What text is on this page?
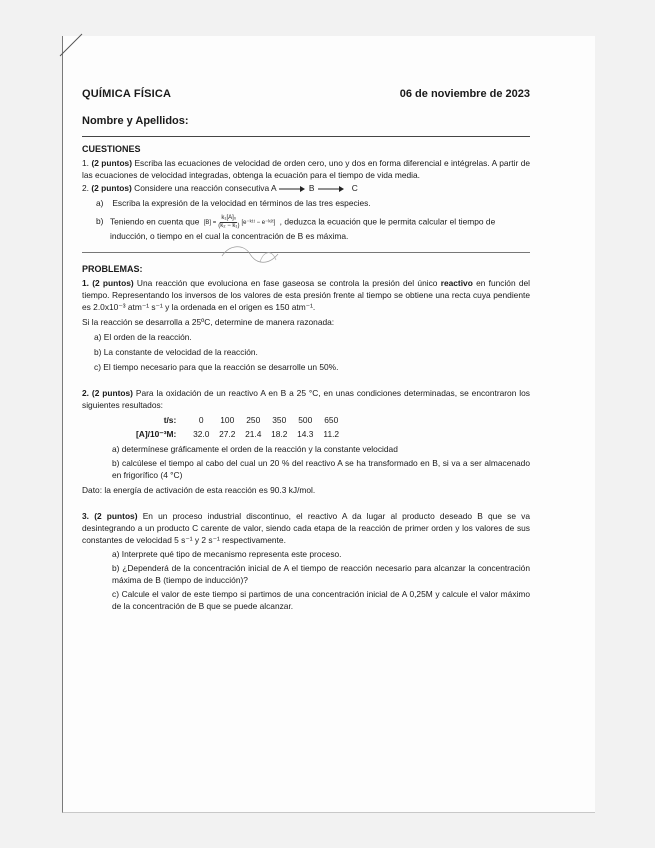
QUÍMICA FÍSICA	06 de noviembre de 2023
Nombre y Apellidos:
CUESTIONES

1. (2 puntos) Escriba las ecuaciones de velocidad de orden cero, uno y dos en forma diferencial e intégrelas. A partir de las ecuaciones de velocidad integradas, obtenga la ecuación para el tiempo de vida media.

2. (2 puntos) Considere una reacción consecutiva A → B → C

a) Escriba la expresión de la velocidad en términos de las tres especies.
b) Teniendo en cuenta que $[B] = \frac{\text{k₁[A]₀}}{\text{(k₂ − k₁)}}$ [e⁻ᵏ¹ᵗ − e⁻ᵏ²ᵗ] , deduzca la ecuación que le permita calcular el tiempo de inducción, o tiempo en el cual la concentración de B es máxima.
PROBLEMAS:

1. (2 puntos) Una reacción que evoluciona en fase gaseosa se controla la presión del único reactivo en función del tiempo. Representando los inversos de los valores de esta presión frente al tiempo se obtiene una recta cuya pendiente es 2.0x10⁻³ atm⁻¹ s⁻¹ y la ordenada en el origen es 150 atm⁻¹.

Si la reacción se desarrolla a 25ºC, determine de manera razonada:

a) El orden de la reacción.

b) La constante de velocidad de la reacción.

c) El tiempo necesario para que la reacción se desarrolle un 50%.

2. (2 puntos) Para la oxidación de un reactivo A en B a 25 °C, en unas condiciones determinadas, se encontraron los siguientes resultados:

t/s:	0	100	250	350	500	650
[A]/10⁻³M:	32.0	27.2	21.4	18.2	14.3	11.2

a) determínese gráficamente el orden de la reacción y la constante velocidad

b) calcúlese el tiempo al cabo del cual un 20 % del reactivo A se ha transformado en B, si va a ser almacenado en frigorífico (4 °C)

Dato: la energía de activación de esta reacción es 90.3 kJ/mol.

3. (2 puntos) En un proceso industrial discontinuo, el reactivo A da lugar al producto deseado B que se va desintegrando a un producto C carente de valor, siendo cada etapa de la reacción de primer orden y los valores de sus constantes de velocidad 5 s⁻¹ y 2 s⁻¹ respectivamente.

a) Interprete qué tipo de mecanismo representa este proceso.

b) ¿Dependerá de la concentración inicial de A el tiempo de reacción necesario para alcanzar la concentración máxima de B (tiempo de inducción)?

c) Calcule el valor de este tiempo si partimos de una concentración inicial de A 0,25M y calcule el valor máximo de la concentración de B que se puede alcanzar.
